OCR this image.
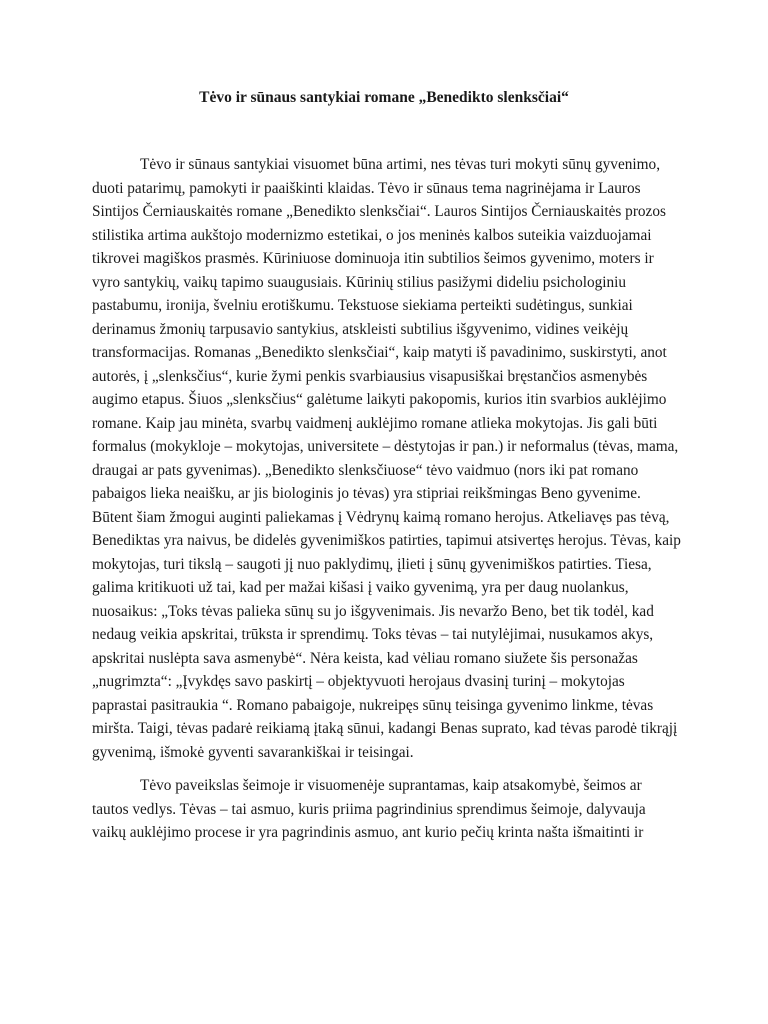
Tėvo ir sūnaus santykiai romane „Benedikto slenksčiai“

Tėvo ir sūnaus santykiai visuomet būna artimi, nes tėvas turi mokyti sūnų gyvenimo, duoti patarimų, pamokyti ir paaiškinti klaidas. Tėvo ir sūnaus tema nagrinėjama ir Lauros Sintijos Černiauskaitės romane „Benedikto slenksčiai“. Lauros Sintijos Černiauskaitės prozos stilistika artima aukštojo modernizmo estetikai, o jos meninės kalbos suteikia vaizduojamai tikrovei magiškos prasmės. Kūriniuose dominuoja itin subtilios šeimos gyvenimo, moters ir vyro santykių, vaikų tapimo suaugusiais. Kūrinių stilius pasižymi dideliu psichologiniu pastabumu, ironija, švelniu erotiškumu. Tekstuose siekiama perteikti sudėtingus, sunkiai derinamus žmonių tarpusavio santykius, atskleisti subtilius išgyvenimo, vidines veikėjų transformacijas. Romanas „Benedikto slenksčiai“, kaip matyti iš pavadinimo, suskirstyti, anot autorės, į „slenksčius“, kurie žymi penkis svarbiausius visapusiškai bręstančios asmenybės augimo etapus. Šiuos „slenksčius“ galėtume laikyti pakopomis, kurios itin svarbios auklėjimo romane. Kaip jau minėta, svarbų vaidmenį auklėjimo romane atlieka mokytojas. Jis gali būti formalus (mokykloje – mokytojas, universitete – dėstytojas ir pan.) ir neformalus (tėvas, mama, draugai ar pats gyvenimas). „Benedikto slenksčiuose“ tėvo vaidmuo (nors iki pat romano pabaigos lieka neaišku, ar jis biologinis jo tėvas) yra stipriai reikšmingas Beno gyvenime. Būtent šiam žmogui auginti paliekamas į Vėdrynų kaimą romano herojus. Atkeliavęs pas tėvą, Benediktas yra naivus, be didelės gyvenimiškos patirties, tapimui atsivertęs herojus. Tėvas, kaip mokytojas, turi tikslą – saugoti jį nuo paklydimų, įlieti į sūnų gyvenimiškos patirties. Tiesa, galima kritikuoti už tai, kad per mažai kišasi į vaiko gyvenimą, yra per daug nuolankus, nuosaikus: „Toks tėvas palieka sūnų su jo išgyvenimais. Jis nevaržo Beno, bet tik todėl, kad nedaug veikia apskritai, trūksta ir sprendimų. Toks tėvas – tai nutylėjimai, nusukamos akys, apskritai nuslėpta sava asmenybė“. Nėra keista, kad vėliau romano siužete šis personažas „nugrimzta“: „Įvykdęs savo paskirtį – objektyvuoti herojaus dvasinį turinį – mokytojas paprastai pasitraukia “. Romano pabaigoje, nukreipęs sūnų teisinga gyvenimo linkme, tėvas miršta. Taigi, tėvas padarė reikiamą įtaką sūnui, kadangi Benas suprato, kad tėvas parodė tikrąjį gyvenimą, išmokė gyventi savarankiškai ir teisingai.

Tėvo paveikslas šeimoje ir visuomenėje suprantamas, kaip atsakomybė, šeimos ar tautos vedlys. Tėvas – tai asmuo, kuris priima pagrindinius sprendimus šeimoje, dalyvauja vaikų auklėjimo procese ir yra pagrindinis asmuo, ant kurio pečių krinta našta išmaitinti ir
